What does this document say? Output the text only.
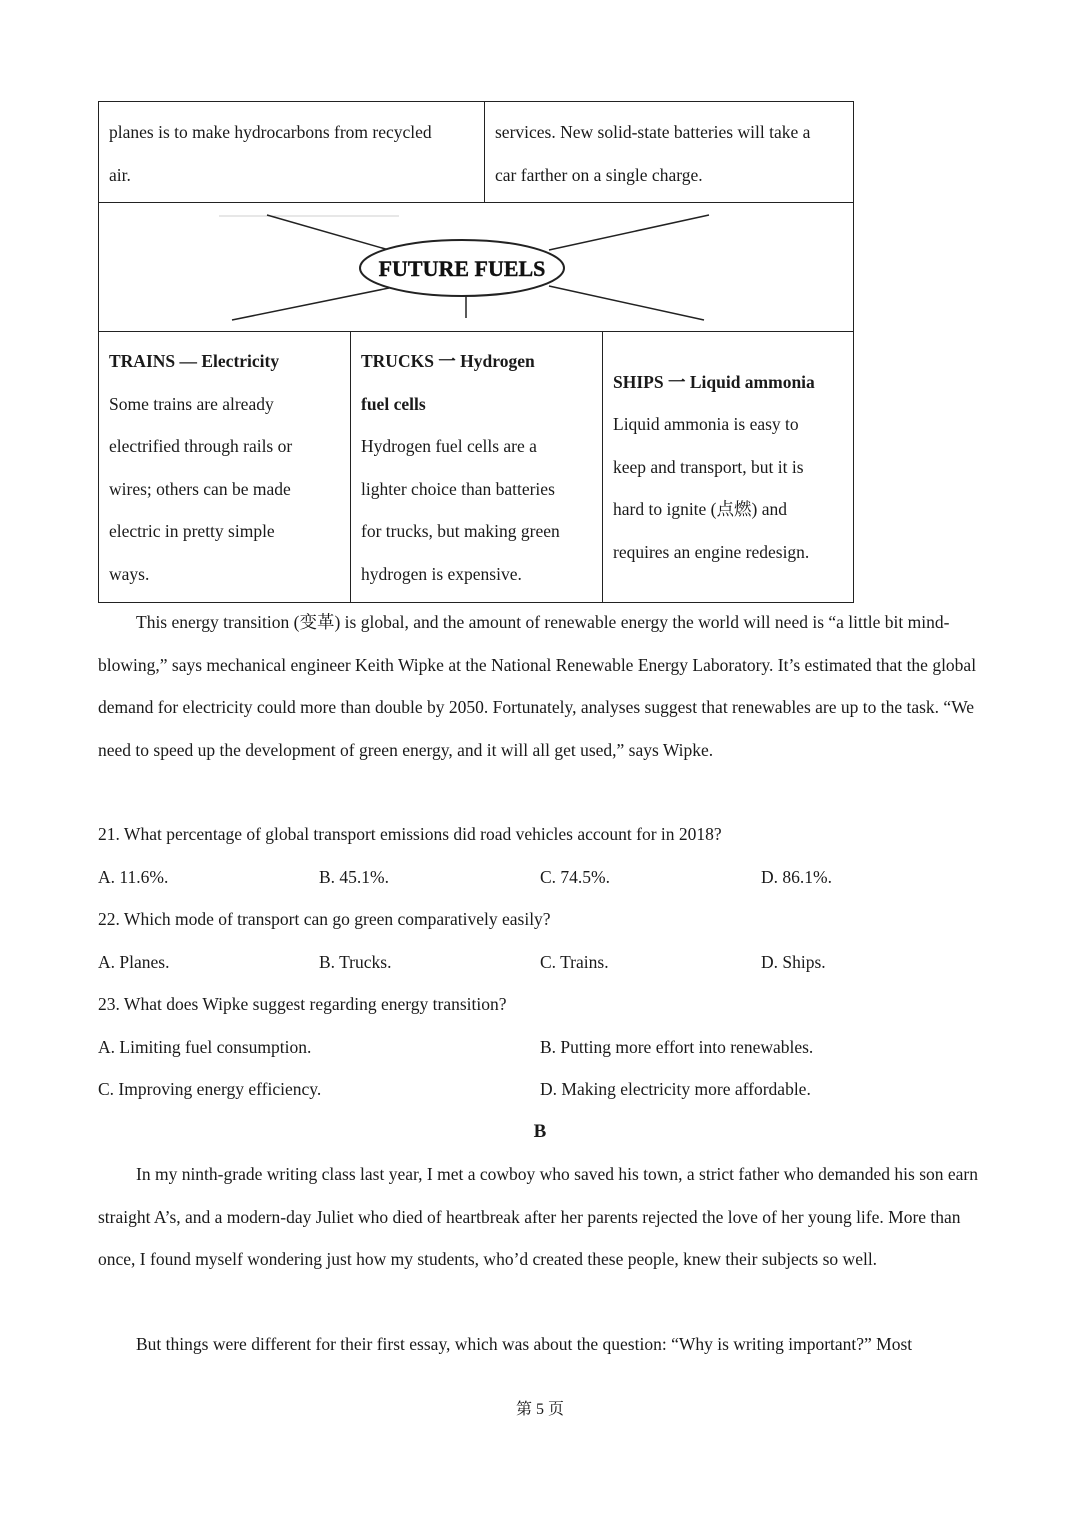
planes is to make hydrocarbons from recycled
air.
services. New solid-state batteries will take a
car farther on a single charge.
FUTURE FUELS
TRAINS — Electricity
Some trains are already
electrified through rails or
wires; others can be made
electric in pretty simple
ways.
TRUCKS 一 Hydrogen
fuel cells
Hydrogen fuel cells are a
lighter choice than batteries
for trucks, but making green
hydrogen is expensive.
SHIPS 一 Liquid ammonia
Liquid ammonia is easy to
keep and transport, but it is
hard to ignite (点燃) and
requires an engine redesign.
This energy transition (变革) is global, and the amount of renewable energy the world will need is “a little bit mind-blowing,” says mechanical engineer Keith Wipke at the National Renewable Energy Laboratory. It’s estimated that the global demand for electricity could more than double by 2050. Fortunately, analyses suggest that renewables are up to the task. “We need to speed up the development of green energy, and it will all get used,” says Wipke.
21. What percentage of global transport emissions did road vehicles account for in 2018?
A. 11.6%.	B. 45.1%.	C. 74.5%.	D. 86.1%.
22. Which mode of transport can go green comparatively easily?
A. Planes.	B. Trucks.	C. Trains.	D. Ships.
23. What does Wipke suggest regarding energy transition?
A. Limiting fuel consumption.	B. Putting more effort into renewables.
C. Improving energy efficiency.	D. Making electricity more affordable.
B
In my ninth-grade writing class last year, I met a cowboy who saved his town, a strict father who demanded his son earn straight A’s, and a modern-day Juliet who died of heartbreak after her parents rejected the love of her young life. More than once, I found myself wondering just how my students, who’d created these people, knew their subjects so well.
But things were different for their first essay, which was about the question: “Why is writing important?” Most
第 5 页
